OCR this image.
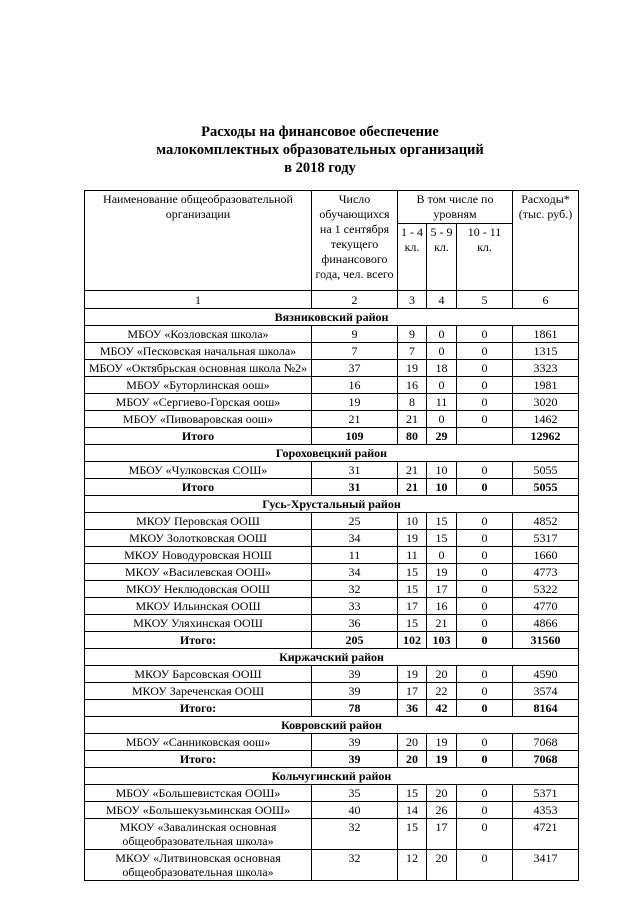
Расходы на финансовое обеспечение
малокомплектных образовательных организаций
в 2018 году
Наименование общеобразовательной организации	Число обучающихся на 1 сентября текущего финансового года, чел. всего	В том числе по уровням			Расходы* (тыс. руб.)
		1 - 4 кл.	5 - 9 кл.	10 - 11 кл.	
1	2	3	4	5	6
Вязниковский район					
МБОУ «Козловская школа»	9	9	0	0	1861
МБОУ «Песковская начальная школа»	7	7	0	0	1315
МБОУ «Октябрьская основная школа №2»	37	19	18	0	3323
МБОУ «Буторлинская оош»	16	16	0	0	1981
МБОУ «Сергиево-Горская оош»	19	8	11	0	3020
МБОУ «Пивоваровская оош»	21	21	0	0	1462
Итого	109	80	29		12962
Гороховецкий район					
МБОУ «Чулковская СОШ»	31	21	10	0	5055
Итого	31	21	10	0	5055
Гусь-Хрустальный район					
МКОУ Перовская ООШ	25	10	15	0	4852
МКОУ Золотковская ООШ	34	19	15	0	5317
МКОУ Новодуровская НОШ	11	11	0	0	1660
МКОУ «Василевская ООШ»	34	15	19	0	4773
МКОУ Неклюдовская ООШ	32	15	17	0	5322
МКОУ Ильинская ООШ	33	17	16	0	4770
МКОУ Уляхинская ООШ	36	15	21	0	4866
Итого:	205	102	103	0	31560
Киржачский район					
МКОУ Барсовская ООШ	39	19	20	0	4590
МКОУ Зареченская ООШ	39	17	22	0	3574
Итого:	78	36	42	0	8164
Ковровский район					
МБОУ «Санниковская оош»	39	20	19	0	7068
Итого:	39	20	19	0	7068
Кольчугинский район					
МБОУ «Большевистская ООШ»	35	15	20	0	5371
МБОУ «Большекузьминская ООШ»	40	14	26	0	4353
МКОУ «Завалинская основная общеобразовательная школа»	32	15	17	0	4721
МКОУ «Литвиновская основная общеобразовательная школа»	32	12	20	0	3417
